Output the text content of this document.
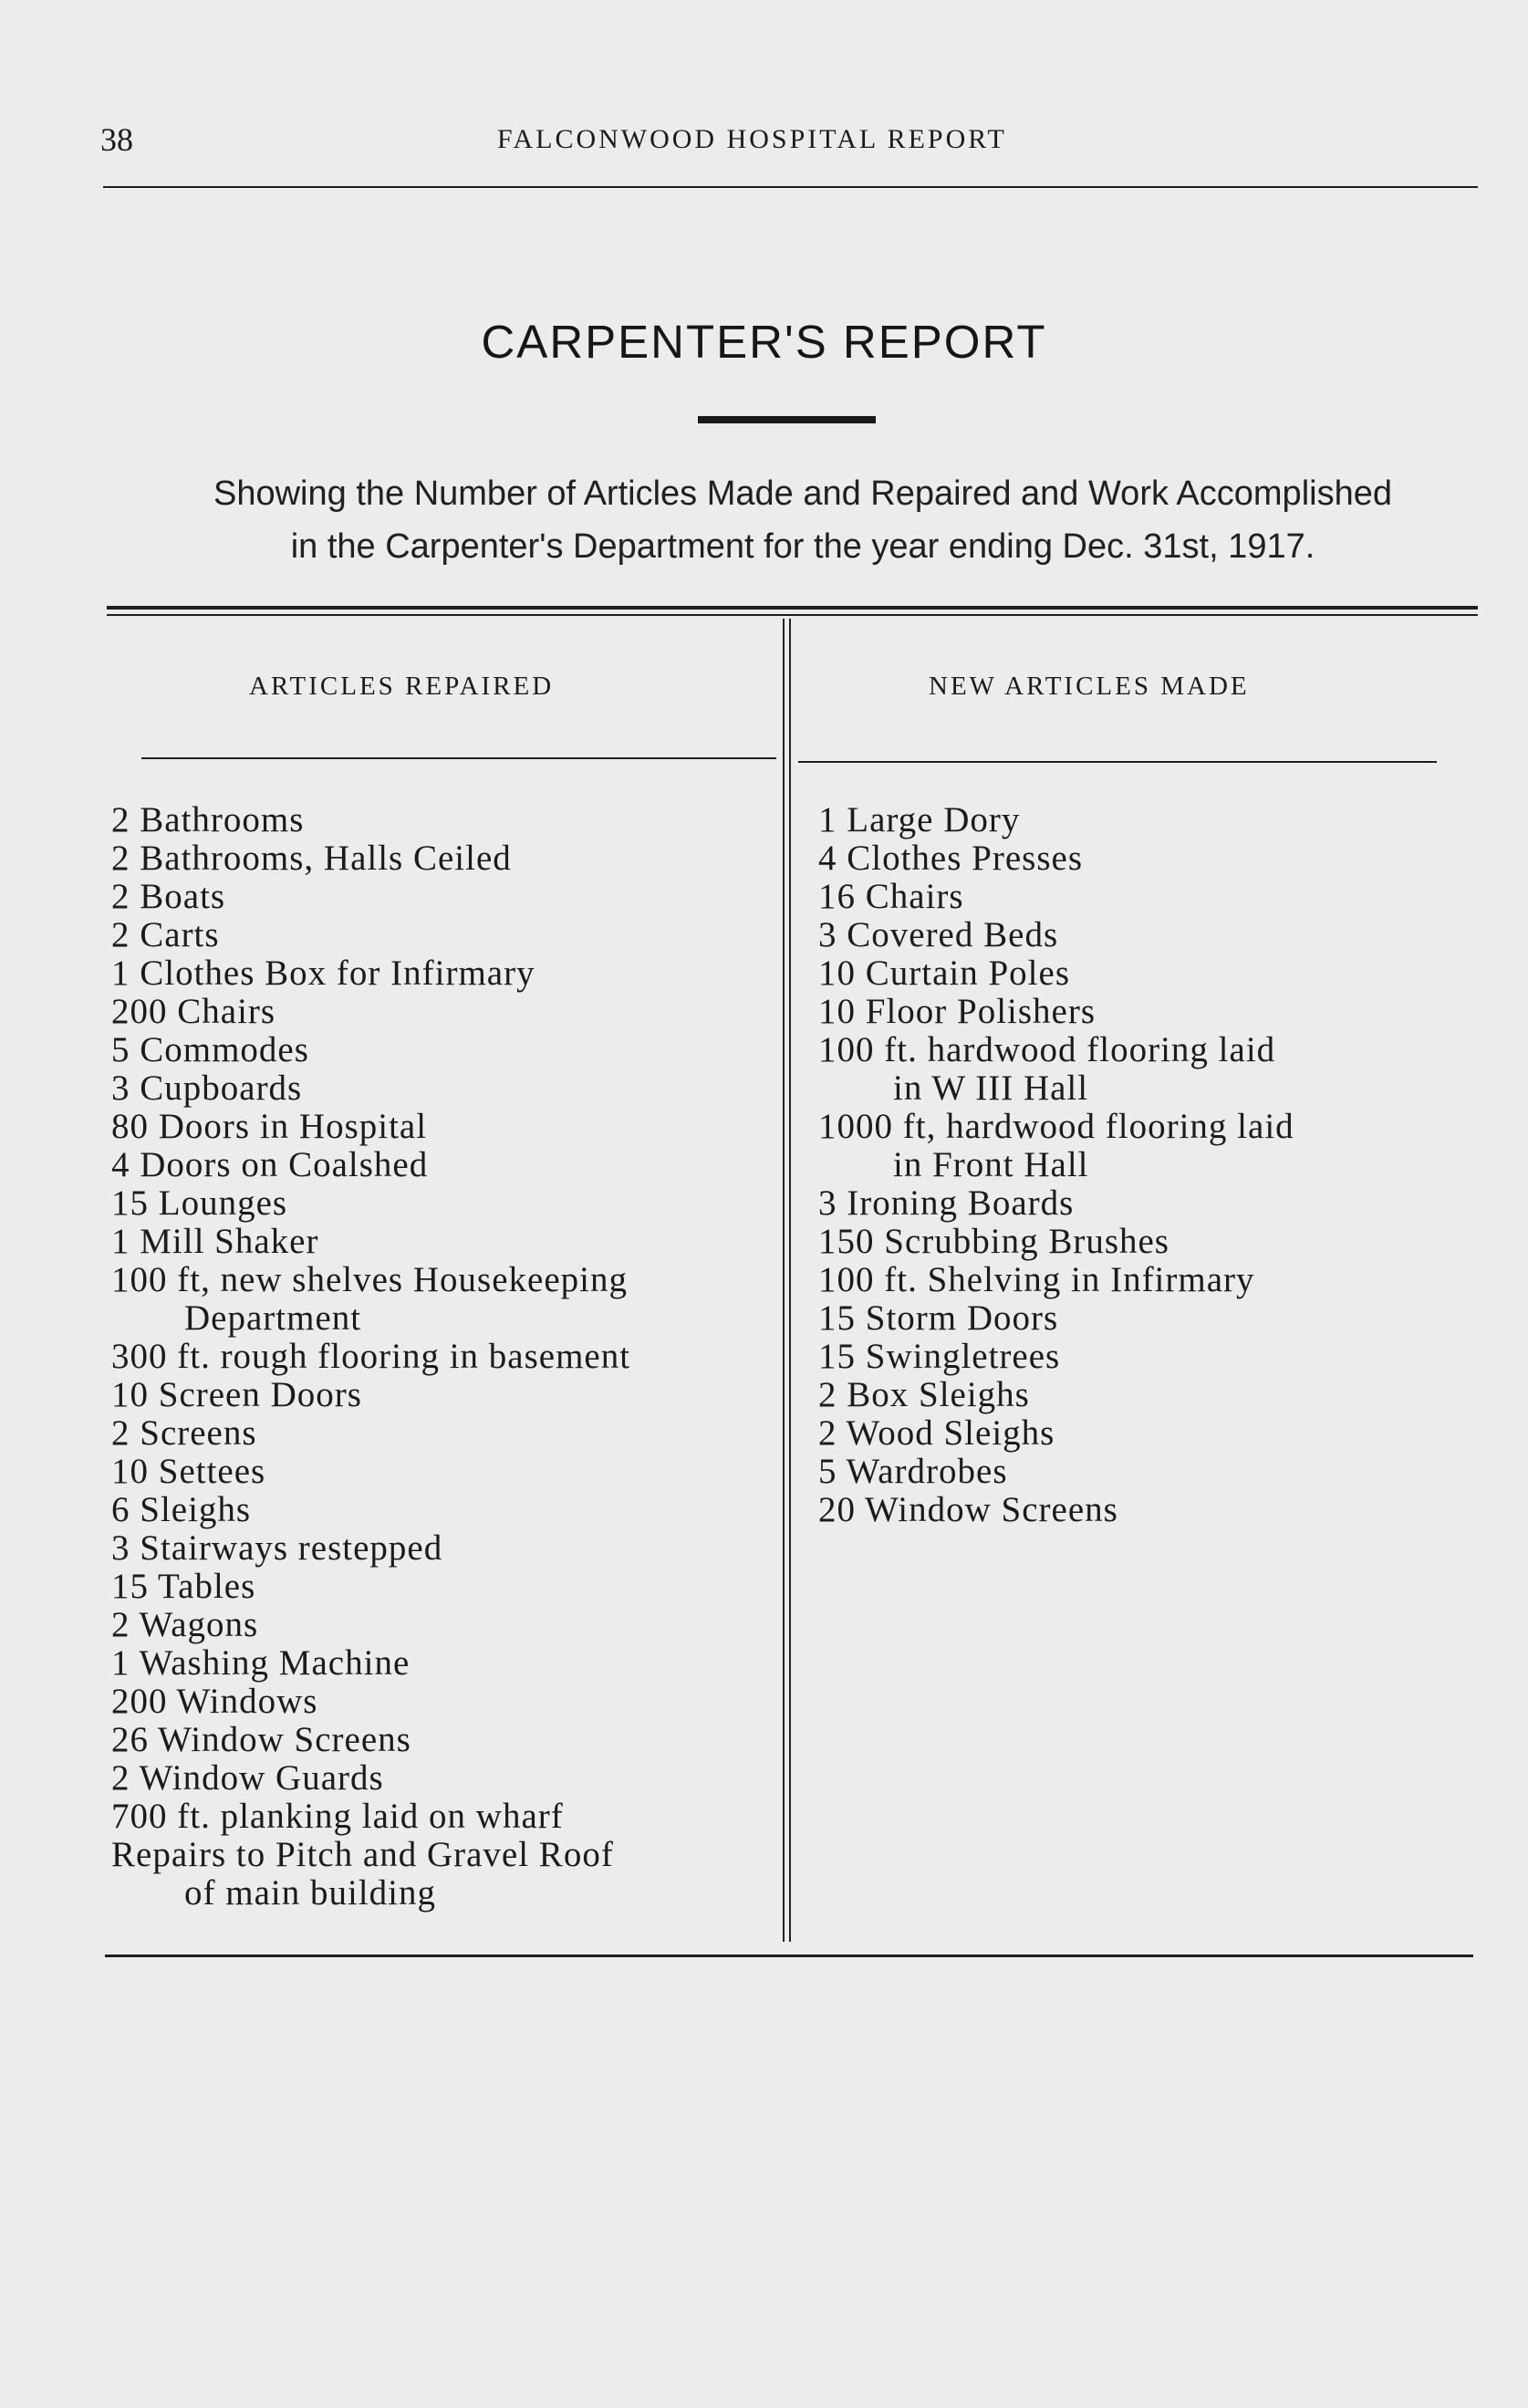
38	FALCONWOOD HOSPITAL REPORT
CARPENTER'S REPORT
Showing the Number of Articles Made and Repaired and Work Accomplished
in the Carpenter's Department for the year ending Dec. 31st, 1917.
ARTICLES REPAIRED	NEW ARTICLES MADE
2 Bathrooms
2 Bathrooms, Halls Ceiled
2 Boats
2 Carts
1 Clothes Box for Infirmary
200 Chairs
5 Commodes
3 Cupboards
80 Doors in Hospital
4 Doors on Coalshed
15 Lounges
1 Mill Shaker
100 ft, new shelves Housekeeping
Department
300 ft. rough flooring in basement
10 Screen Doors
2 Screens
10 Settees
6 Sleighs
3 Stairways restepped
15 Tables
2 Wagons
1 Washing Machine
200 Windows
26 Window Screens
2 Window Guards
700 ft. planking laid on wharf
Repairs to Pitch and Gravel Roof
of main building
1 Large Dory
4 Clothes Presses
16 Chairs
3 Covered Beds
10 Curtain Poles
10 Floor Polishers
100 ft. hardwood flooring laid
in W III Hall
1000 ft, hardwood flooring laid
in Front Hall
3 Ironing Boards
150 Scrubbing Brushes
100 ft. Shelving in Infirmary
15 Storm Doors
15 Swingletrees
2 Box Sleighs
2 Wood Sleighs
5 Wardrobes
20 Window Screens
